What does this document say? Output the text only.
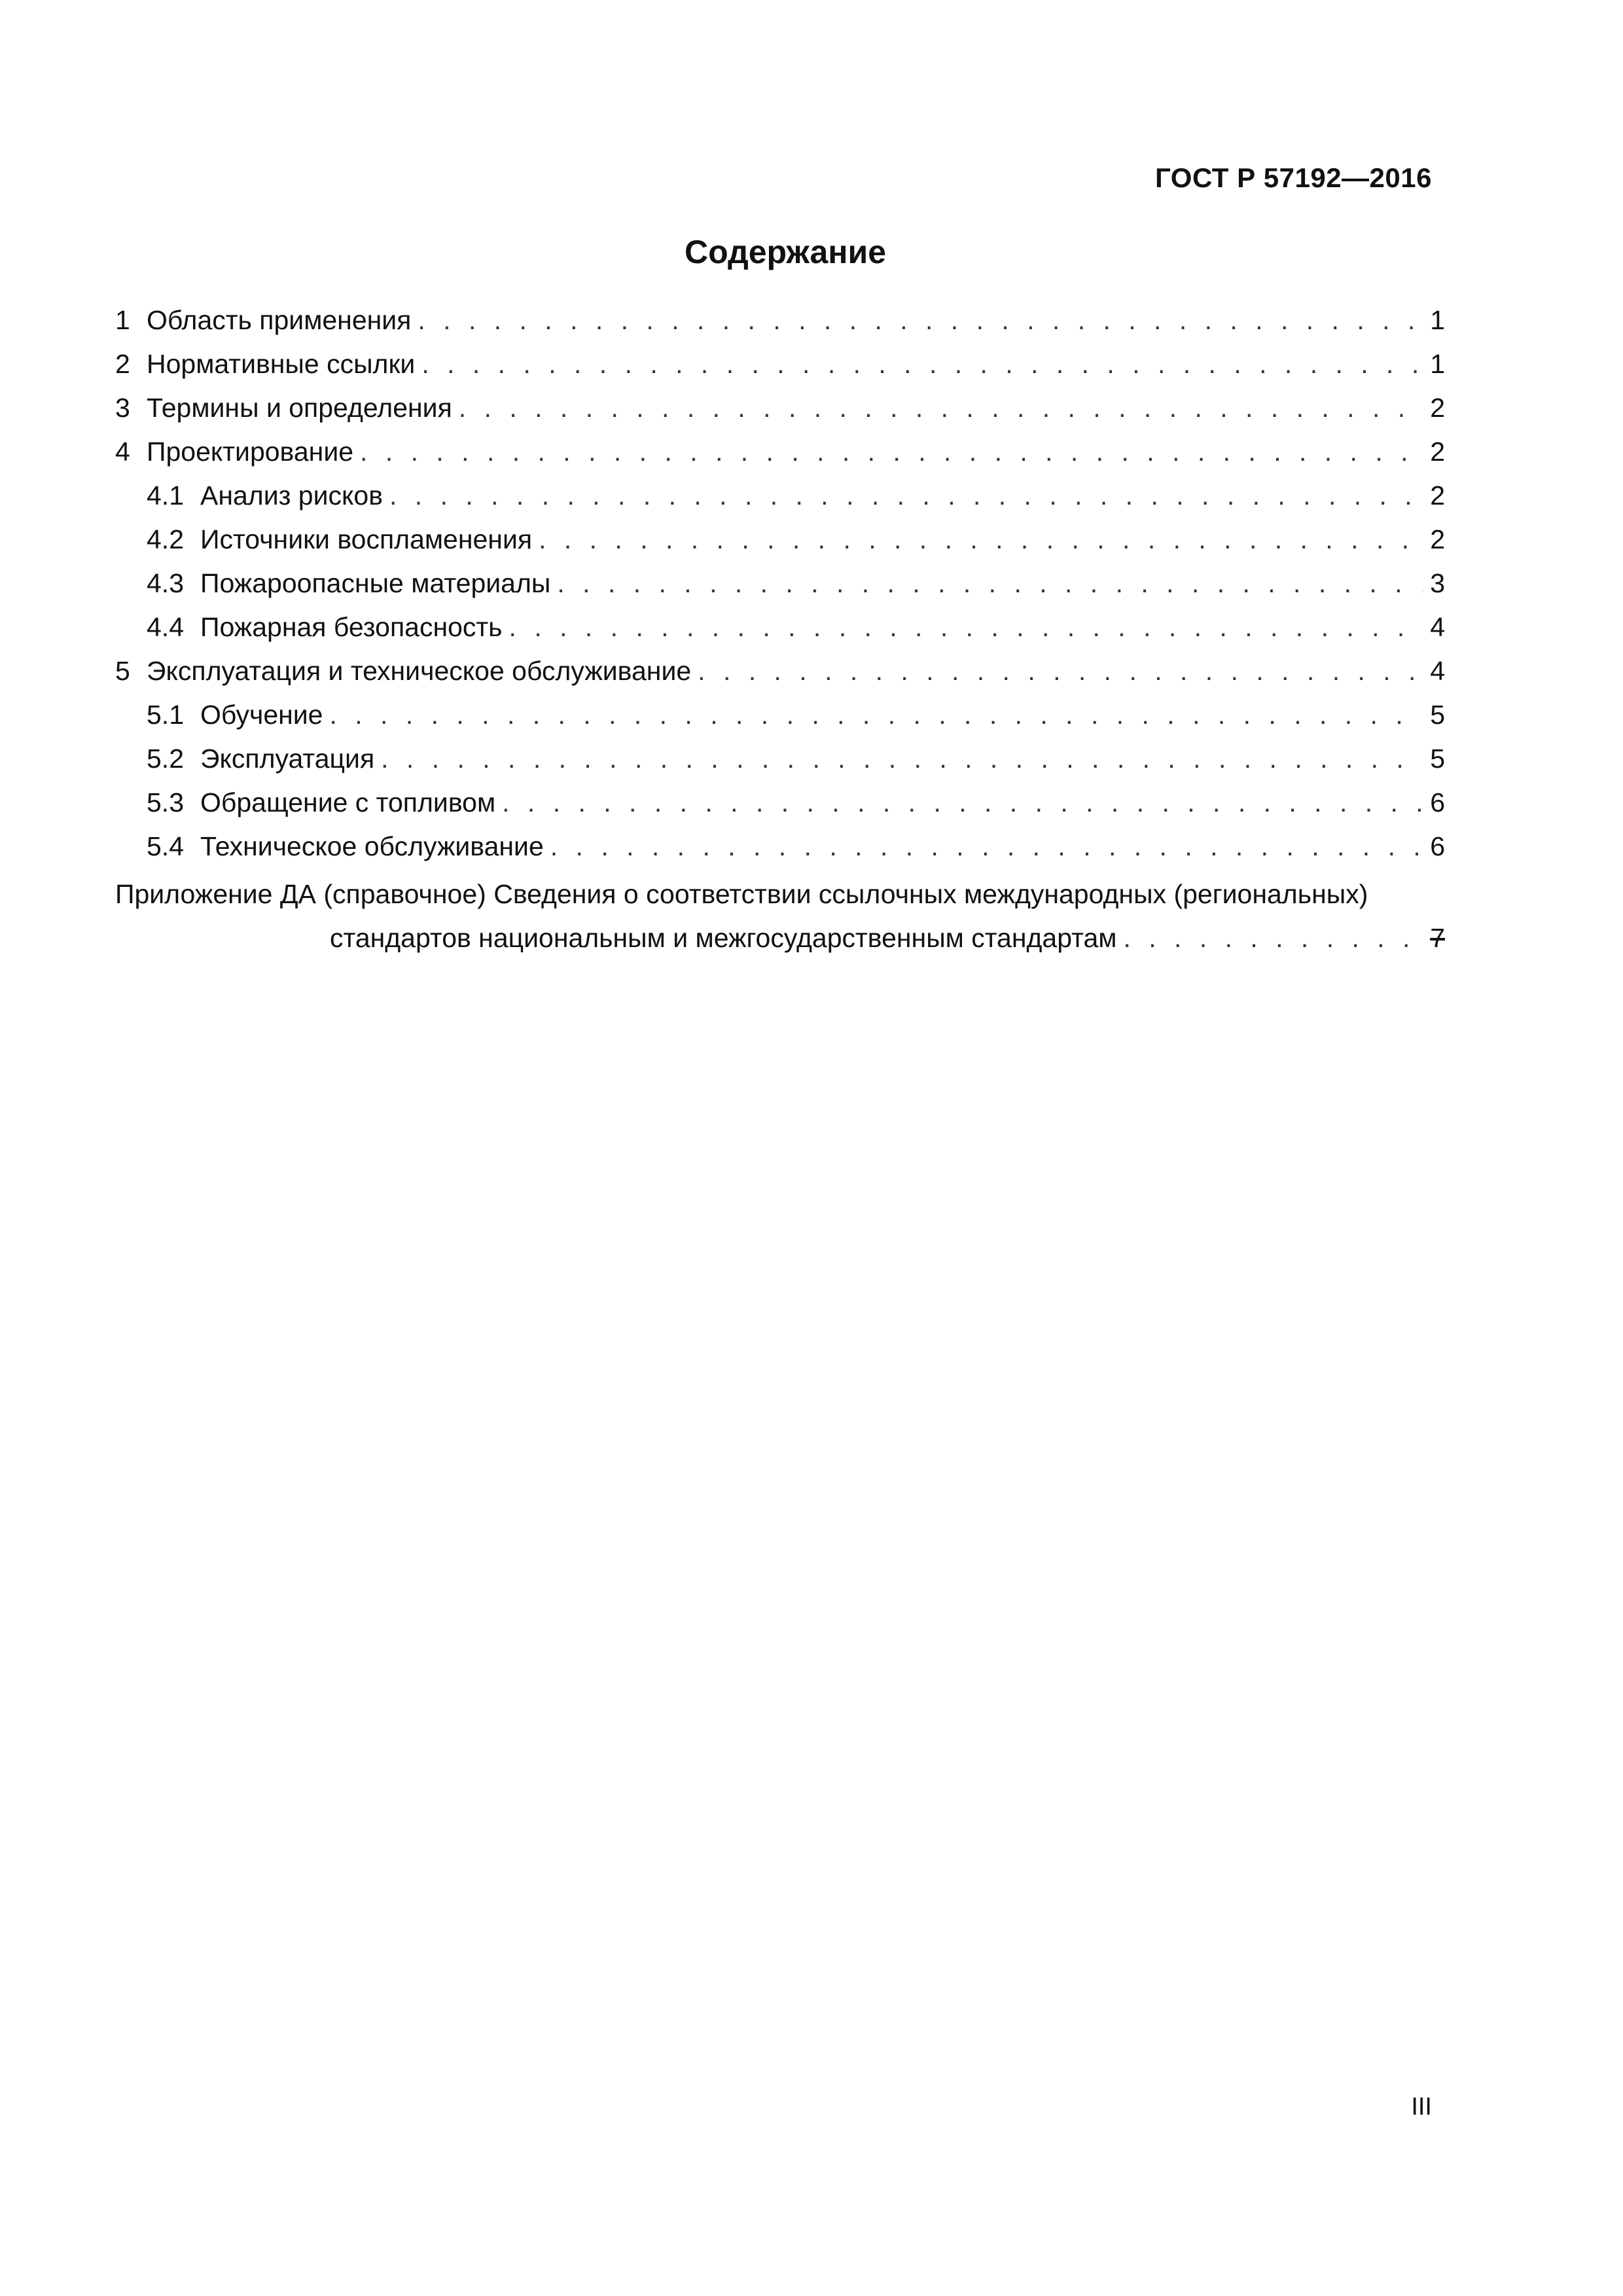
ГОСТ Р 57192—2016
Содержание
1 Область применения . . .	1
2 Нормативные ссылки . . .	1
3 Термины и определения . . .	2
4 Проектирование . . .	2
4.1 Анализ рисков . . .	2
4.2 Источники воспламенения . . .	2
4.3 Пожароопасные материалы . . .	3
4.4 Пожарная безопасность . . .	4
5 Эксплуатация и техническое обслуживание . . .	4
5.1 Обучение . . .	5
5.2 Эксплуатация . . .	5
5.3 Обращение с топливом . . .	6
5.4 Техническое обслуживание . . .	6
Приложение ДА (справочное) Сведения о соответствии ссылочных международных (региональных)
стандартов национальным и межгосударственным стандартам . . .	7
III
